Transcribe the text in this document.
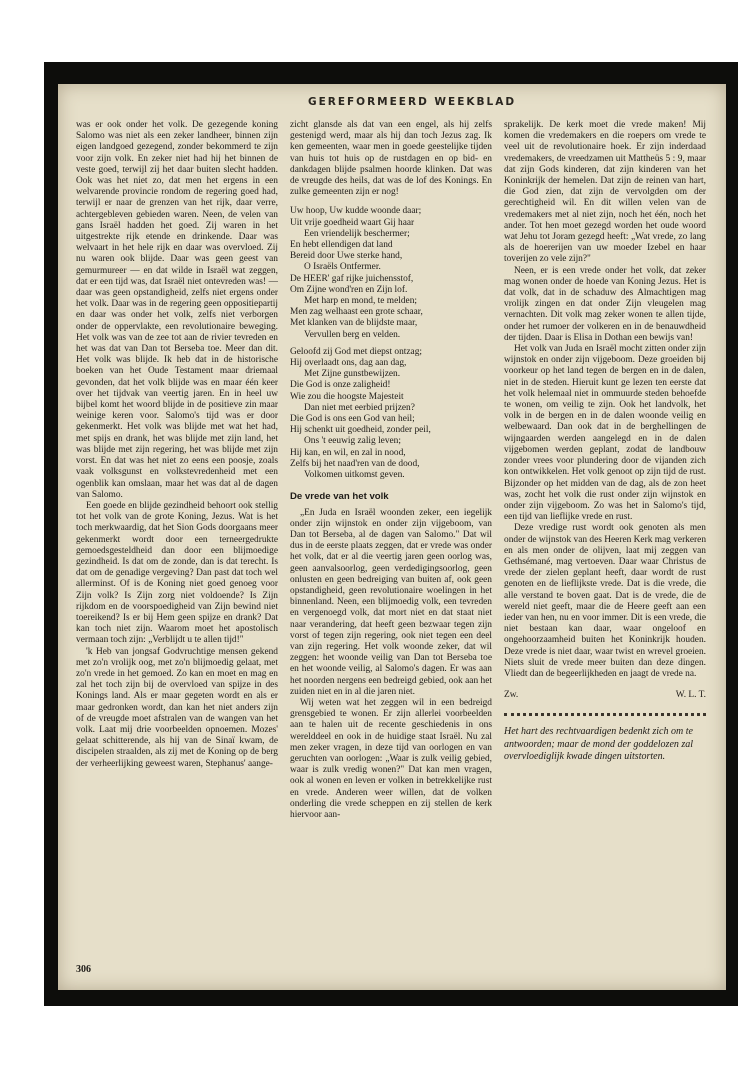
GEREFORMEERD WEEKBLAD

was er ook onder het volk. De gezegende koning Salomo was niet als een zeker landheer, binnen zijn eigen landgoed gezegend, zonder bekommerd te zijn voor zijn volk. En zeker niet had hij het binnen de veste goed, terwijl zij het daar buiten slecht hadden. Ook was het niet zo, dat men het ergens in een welvarende provincie rondom de regering goed had, terwijl er naar de grenzen van het rijk, daar verre, achtergebleven gebieden waren. Neen, de velen van gans Israël hadden het goed. Zij waren in het uitgestrekte rijk etende en drinkende. Daar was welvaart in het hele rijk en daar was overvloed. Zij nu waren ook blijde. Daar was geen geest van gemurmureer — en dat wilde in Israël wat zeggen, dat er een tijd was, dat Israël niet ontevreden was! — daar was geen opstandigheid, zelfs niet ergens onder het volk. Daar was in de regering geen oppositiepartij en daar was onder het volk, zelfs niet verborgen onder de oppervlakte, een revolutionaire beweging. Het volk was van de zee tot aan de rivier tevreden en het was dat van Dan tot Berseba toe. Meer dan dit. Het volk was blijde. Ik heb dat in de historische boeken van het Oude Testament maar driemaal gevonden, dat het volk blijde was en maar één keer over het tijdvak van veertig jaren. En in heel uw bijbel komt het woord blijde in de positieve zin maar weinige keren voor. Salomo's tijd was er door gekenmerkt. Het volk was blijde met wat het had, met spijs en drank, het was blijde met zijn land, het was blijde met zijn regering, het was blijde met zijn vorst. En dat was het niet zo eens een poosje, zoals vaak volksgunst en volkstevredenheid met een ogenblik kan omslaan, maar het was dat al de dagen van Salomo.

Een goede en blijde gezindheid behoort ook stellig tot het volk van de grote Koning, Jezus. Wat is het toch merkwaardig, dat het Sion Gods doorgaans meer gekenmerkt wordt door een terneergedrukte gemoedsgesteldheid dan door een blijmoedige gezindheid. Is dat om de zonde, dan is dat terecht. Is dat om de genadige vergeving? Dan past dat toch wel allerminst. Of is de Koning niet goed genoeg voor Zijn volk? Is Zijn zorg niet voldoende? Is Zijn rijkdom en de voorspoedigheid van Zijn bewind niet toereikend? Is er bij Hem geen spijze en drank? Dat kan toch niet zijn. Waarom moet het apostolisch vermaan toch zijn: „Verblijdt u te allen tijd!"

'k Heb van jongsaf Godvruchtige mensen gekend met zo'n vrolijk oog, met zo'n blijmoedig gelaat, met zo'n vrede in het gemoed. Zo kan en moet en mag en zal het toch zijn bij de overvloed van spijze in des Konings land. Als er maar gegeten wordt en als er maar gedronken wordt, dan kan het niet anders zijn of de vreugde moet afstralen van de wangen van het volk. Laat mij drie voorbeelden opnoemen. Mozes' gelaat schitterende, als hij van de Sinaï kwam, de discipelen straalden, als zij met de Koning op de berg der verheerlijking geweest waren, Stephanus' aange-

zicht glansde als dat van een engel, als hij zelfs gestenigd werd, maar als hij dan toch Jezus zag. Ik ken gemeenten, waar men in goede geestelijke tijden van huis tot huis op de rustdagen en op bid- en dankdagen blijde psalmen hoorde klinken. Dat was de vreugde des heils, dat was de lof des Konings. En zulke gemeenten zijn er nog!

Uw hoop, Uw kudde woonde daar;
Uit vrije goedheid waart Gij haar
Een vriendelijk beschermer;
En hebt ellendigen dat land
Bereid door Uwe sterke hand,
O Israëls Ontfermer.
De HEER' gaf rijke juichensstof,
Om Zijne wond'ren en Zijn lof.
Met harp en mond, te melden;
Men zag welhaast een grote schaar,
Met klanken van de blijdste maar,
Vervullen berg en velden.
Geloofd zij God met diepst ontzag;
Hij overlaadt ons, dag aan dag,
Met Zijne gunstbewijzen.
Die God is onze zaligheid!
Wie zou die hoogste Majesteit
Dan niet met eerbied prijzen?
Die God is ons een God van heil;
Hij schenkt uit goedheid, zonder peil,
Ons 't eeuwig zalig leven;
Hij kan, en wil, en zal in nood,
Zelfs bij het naad'ren van de dood,
Volkomen uitkomst geven.
De vrede van het volk

„En Juda en Israël woonden zeker, een iegelijk onder zijn wijnstok en onder zijn vijgeboom, van Dan tot Berseba, al de dagen van Salomo." Dat wil dus in de eerste plaats zeggen, dat er vrede was onder het volk, dat er al die veertig jaren geen oorlog was, geen aanvalsoorlog, geen verdedigingsoorlog, geen onlusten en geen bedreiging van buiten af, ook geen opstandigheid, geen revolutionaire woelingen in het binnenland. Neen, een blijmoedig volk, een tevreden en vergenoegd volk, dat mort niet en dat staat niet naar verandering, dat heeft geen bezwaar tegen zijn vorst of tegen zijn regering, ook niet tegen een deel van zijn regering. Het volk woonde zeker, dat wil zeggen: het woonde veilig van Dan tot Berseba toe en het woonde veilig, al Salomo's dagen. Er was aan het noorden nergens een bedreigd gebied, ook aan het zuiden niet en in al die jaren niet.

Wij weten wat het zeggen wil in een bedreigd grensgebied te wonen. Er zijn allerlei voorbeelden aan te halen uit de recente geschiedenis in ons werelddeel en ook in de huidige staat Israël. Nu zal men zeker vragen, in deze tijd van oorlogen en van geruchten van oorlogen: „Waar is zulk veilig gebied, waar is zulk vredig wonen?" Dat kan men vragen, ook al wonen en leven er volken in betrekkelijke rust en vrede. Anderen weer willen, dat de volken onderling die vrede scheppen en zij stellen de kerk hiervoor aan-

sprakelijk. De kerk moet die vrede maken! Mij komen die vredemakers en die roepers om vrede te veel uit de revolutionaire hoek. Er zijn inderdaad vredemakers, de vreedzamen uit Mattheüs 5 : 9, maar dat zijn Gods kinderen, dat zijn kinderen van het Koninkrijk der hemelen. Dat zijn de reinen van hart, die God zien, dat zijn de vervolgden om der gerechtigheid wil. En dit willen velen van de vredemakers met al niet zijn, noch het één, noch het ander. Tot hen moet gezegd worden het oude woord wat Jehu tot Joram gezegd heeft: „Wat vrede, zo lang als de hoererijen van uw moeder Izebel en haar toverijen zo vele zijn?"

Neen, er is een vrede onder het volk, dat zeker mag wonen onder de hoede van Koning Jezus. Het is dat volk, dat in de schaduw des Almachtigen mag vrolijk zingen en dat onder Zijn vleugelen mag vernachten. Dit volk mag zeker wonen te allen tijde, onder het rumoer der volkeren en in de benauwdheid der tijden. Daar is Elisa in Dothan een bewijs van!

Het volk van Juda en Israël mocht zitten onder zijn wijnstok en onder zijn vijgeboom. Deze groeiden bij voorkeur op het land tegen de bergen en in de dalen, niet in de steden. Hieruit kunt ge lezen ten eerste dat het volk helemaal niet in ommuurde steden behoefde te wonen, om veilig te zijn. Ook het landvolk, het volk in de bergen en in de dalen woonde veilig en welbewaard. Dan ook dat in de berghellingen de wijngaarden werden aangelegd en in de dalen vijgebomen werden geplant, zodat de landbouw zonder vrees voor plundering door de vijanden zich kon ontwikkelen. Het volk genoot op zijn tijd de rust. Bijzonder op het midden van de dag, als de zon heet was, zocht het volk die rust onder zijn wijnstok en onder zijn vijgeboom. Zo was het in Salomo's tijd, een tijd van lieflijke vrede en rust.

Deze vredige rust wordt ook genoten als men onder de wijnstok van des Heeren Kerk mag verkeren en als men onder de olijven, laat mij zeggen van Gethsémané, mag vertoeven. Daar waar Christus de vrede der zielen geplant heeft, daar wordt de rust genoten en de lieflijkste vrede. Dat is die vrede, die alle verstand te boven gaat. Dat is de vrede, die de wereld niet geeft, maar die de Heere geeft aan een ieder van hen, nu en voor immer. Dit is een vrede, die niet bestaan kan daar, waar ongeloof en ongehoorzaamheid buiten het Koninkrijk houden. Deze vrede is niet daar, waar twist en wrevel groeien. Niets sluit de vrede meer buiten dan deze dingen. Vliedt dan de begeerlijkheden en jaagt de vrede na.

Zw.	W. L. T.
Het hart des rechtvaardigen bedenkt zich om te antwoorden; maar de mond der goddelozen zal overvloediglijk kwade dingen uitstorten.
306
